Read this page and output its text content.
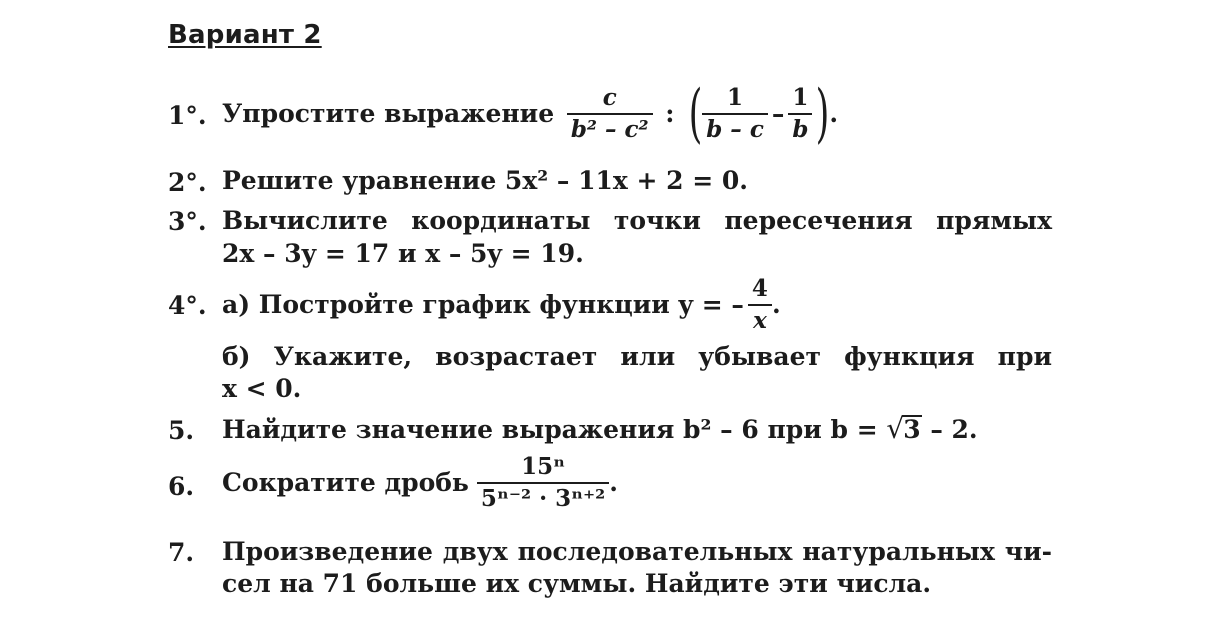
Вариант 2
1°. Упростите выражение $\frac{c}{\text{b² – c²}}$ : ( $\frac{1}{b - c} - \frac{1}{b}$ ).
2°. Решите уравнение 5x² – 11x + 2 = 0.
3°. Вычислите координаты точки пересечения прямых
2x – 3y = 17 и x – 5y = 19.
4°. а) Постройте график функции y = – $\frac{4}{x}$ .
б) Укажите, возрастает или убывает функция при
x < 0.
5. Найдите значение выражения b² – 6 при b = √3 – 2.
6. Сократите дробь $\frac{\text{15ⁿ}}{\text{5ⁿ⁻² · 3ⁿ⁺²}}$ .
7. Произведение двух последовательных натуральных чи-
сел на 71 больше их суммы. Найдите эти числа.
